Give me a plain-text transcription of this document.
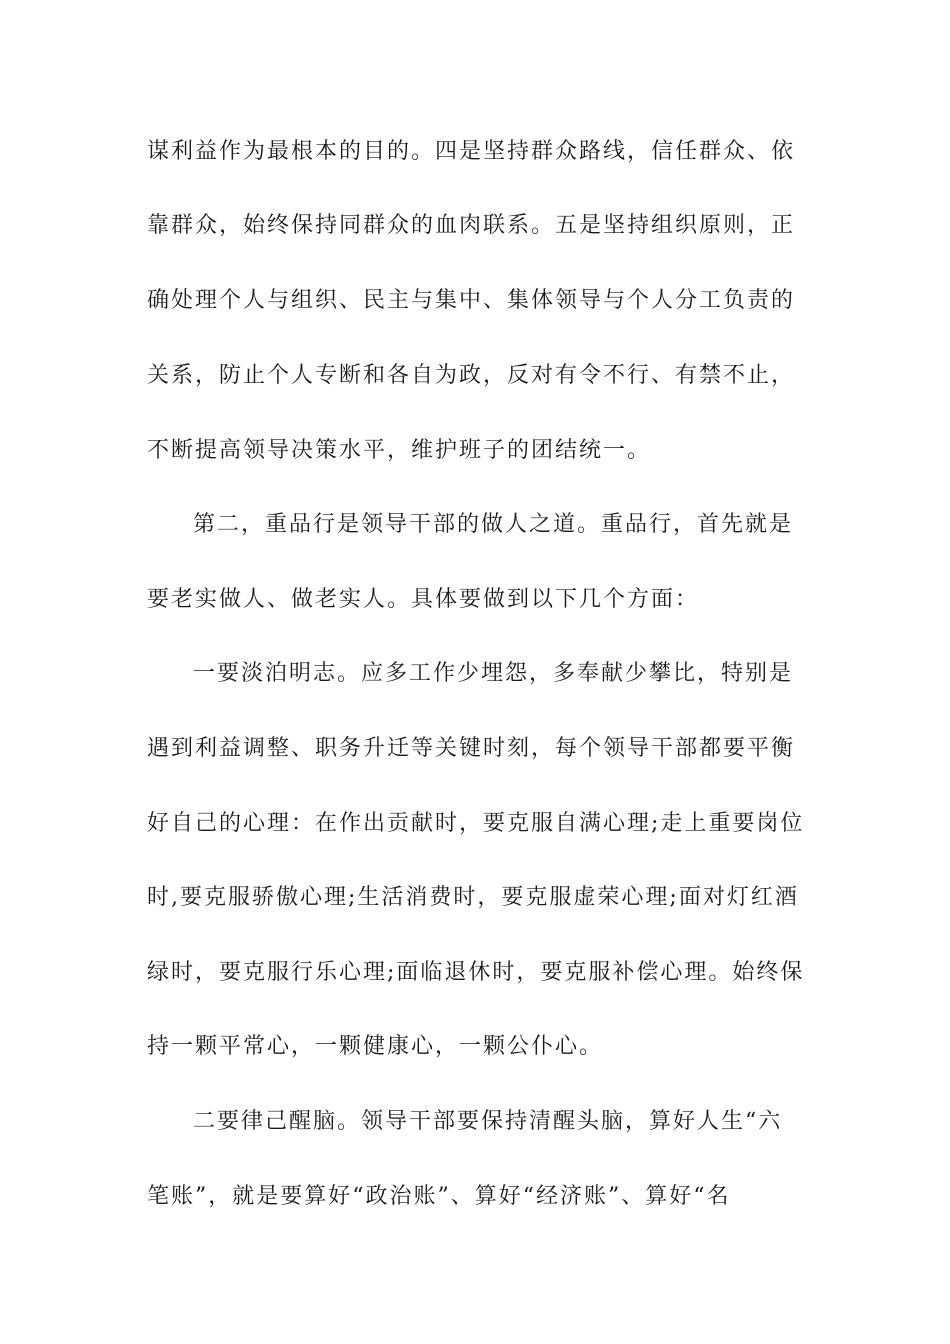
谋利益作为最根本的目的。四是坚持群众路线，信任群众、依
靠群众，始终保持同群众的血肉联系。五是坚持组织原则，正
确处理个人与组织、民主与集中、集体领导与个人分工负责的
关系，防止个人专断和各自为政，反对有令不行、有禁不止，
不断提高领导决策水平，维护班子的团结统一。
第二，重品行是领导干部的做人之道。重品行，首先就是
要老实做人、做老实人。具体要做到以下几个方面：
一要淡泊明志。应多工作少埋怨，多奉献少攀比，特别是
遇到利益调整、职务升迁等关键时刻，每个领导干部都要平衡
好自己的心理：在作出贡献时，要克服自满心理;走上重要岗位
时,要克服骄傲心理;生活消费时，要克服虚荣心理;面对灯红酒
绿时，要克服行乐心理;面临退休时，要克服补偿心理。始终保
持一颗平常心，一颗健康心，一颗公仆心。
二要律己醒脑。领导干部要保持清醒头脑，算好人生“六
笔账”，就是要算好“政治账”、算好“经济账”、算好“名
